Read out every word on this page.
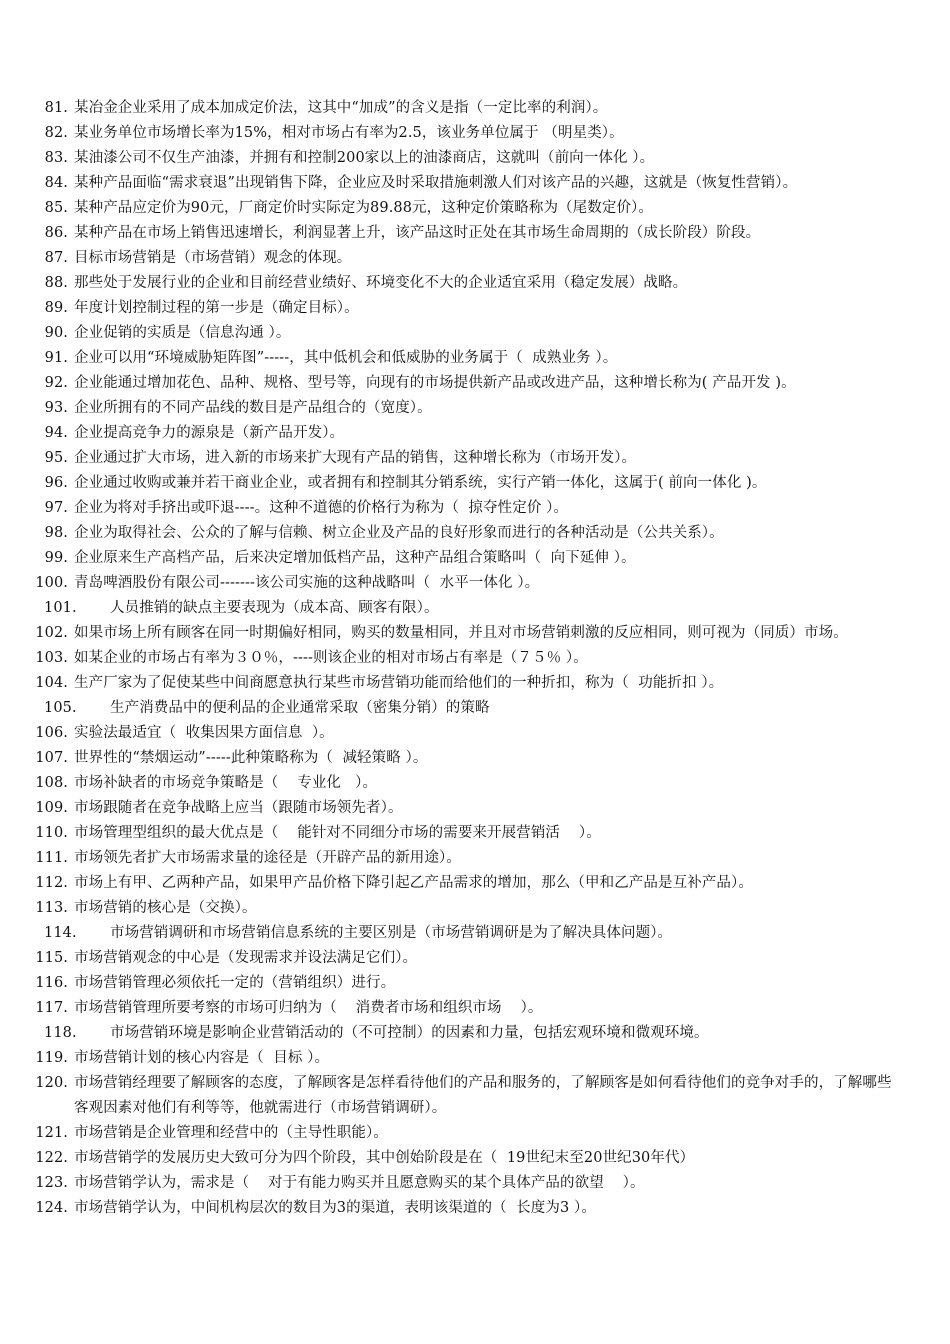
81. 某冶金企业采用了成本加成定价法，这其中“加成”的含义是指（一定比率的利润）。
82. 某业务单位市场增长率为15%，相对市场占有率为2.5，该业务单位属于 （明星类）。
83. 某油漆公司不仅生产油漆，并拥有和控制200家以上的油漆商店，这就叫（前向一体化 ）。
84. 某种产品面临“需求衰退”出现销售下降，企业应及时采取措施刺激人们对该产品的兴趣，这就是（恢复性营销）。
85. 某种产品应定价为90元，厂商定价时实际定为89.88元，这种定价策略称为（尾数定价）。
86. 某种产品在市场上销售迅速增长，利润显著上升，该产品这时正处在其市场生命周期的（成长阶段）阶段。
87. 目标市场营销是（市场营销）观念的体现。
88. 那些处于发展行业的企业和目前经营业绩好、环境变化不大的企业适宜采用（稳定发展）战略。
89. 年度计划控制过程的第一步是（确定目标）。
90. 企业促销的实质是（信息沟通 ）。
91. 企业可以用“环境威胁矩阵图”-----，其中低机会和低威胁的业务属于（  成熟业务 ）。
92. 企业能通过增加花色、品种、规格、型号等，向现有的市场提供新产品或改进产品，这种增长称为( 产品开发 )。
93. 企业所拥有的不同产品线的数目是产品组合的（宽度）。
94. 企业提高竞争力的源泉是（新产品开发）。
95. 企业通过扩大市场，进入新的市场来扩大现有产品的销售，这种增长称为（市场开发）。
96. 企业通过收购或兼并若干商业企业，或者拥有和控制其分销系统，实行产销一体化，这属于( 前向一体化 )。
97. 企业为将对手挤出或吓退----。这种不道德的价格行为称为（  掠夺性定价 ）。
98. 企业为取得社会、公众的了解与信赖、树立企业及产品的良好形象而进行的各种活动是（公共关系）。
99. 企业原来生产高档产品，后来决定增加低档产品，这种产品组合策略叫（  向下延伸 ）。
100. 青岛啤酒股份有限公司-------该公司实施的这种战略叫（  水平一体化 ）。
101.	人员推销的缺点主要表现为（成本高、顾客有限）。
102. 如果市场上所有顾客在同一时期偏好相同，购买的数量相同，并且对市场营销刺激的反应相同，则可视为（同质）市场。
103. 如某企业的市场占有率为３０％，----则该企业的相对市场占有率是（７５％ ）。
104. 生产厂家为了促使某些中间商愿意执行某些市场营销功能而给他们的一种折扣，称为（  功能折扣 ）。
105.	生产消费品中的便利品的企业通常采取（密集分销）的策略
106. 实验法最适宜（  收集因果方面信息  ）。
107. 世界性的“禁烟运动”-----此种策略称为（  减轻策略 ）。
108. 市场补缺者的市场竞争策略是（    专业化   ）。
109. 市场跟随者在竞争战略上应当（跟随市场领先者）。
110. 市场管理型组织的最大优点是（    能针对不同细分市场的需要来开展营销活    ）。
111. 市场领先者扩大市场需求量的途径是（开辟产品的新用途）。
112. 市场上有甲、乙两种产品，如果甲产品价格下降引起乙产品需求的增加，那么（甲和乙产品是互补产品）。
113. 市场营销的核心是（交换）。
114.	市场营销调研和市场营销信息系统的主要区别是（市场营销调研是为了解决具体问题）。
115. 市场营销观念的中心是（发现需求并设法满足它们）。
116. 市场营销管理必须依托一定的（营销组织）进行。
117. 市场营销管理所要考察的市场可归纳为（    消费者市场和组织市场    ）。
118.	市场营销环境是影响企业营销活动的（不可控制）的因素和力量，包括宏观环境和微观环境。
119. 市场营销计划的核心内容是（  目标 ）。
120. 市场营销经理要了解顾客的态度，了解顾客是怎样看待他们的产品和服务的，了解顾客是如何看待他们的竞争对手的，了解哪些客观因素对他们有利等等，他就需进行（市场营销调研）。
121. 市场营销是企业管理和经营中的（主导性职能）。
122. 市场营销学的发展历史大致可分为四个阶段，其中创始阶段是在（  19世纪末至20世纪30年代）
123. 市场营销学认为，需求是（    对于有能力购买并且愿意购买的某个具体产品的欲望    ）。
124. 市场营销学认为，中间机构层次的数目为3的渠道，表明该渠道的（  长度为3 ）。
